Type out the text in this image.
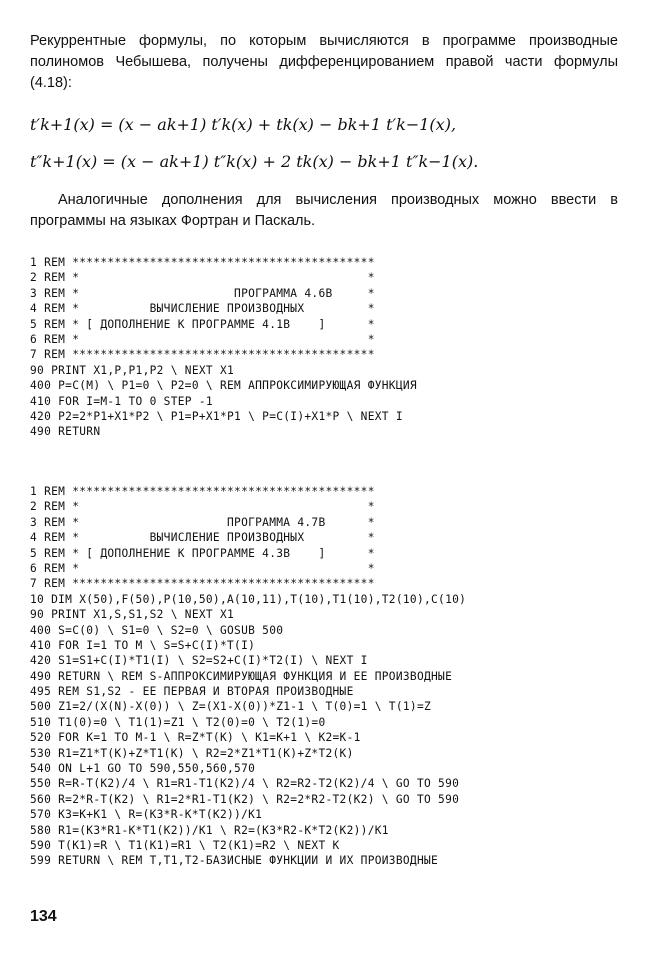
Рекуррентные формулы, по которым вычисляются в программе производные полиномов Чебышева, получены дифференцированием правой части формулы (4.18):
t′k+1(x) = (x − ak+1) t′k(x) + tk(x) − bk+1 t′k−1(x),
t″k+1(x) = (x − ak+1) t″k(x) + 2 tk(x) − bk+1 t″k−1(x).
Аналогичные дополнения для вычисления производных можно ввести в программы на языках Фортран и Паскаль.
1 REM *******************************************
2 REM *                                         *
3 REM *                      ПРОГРАММА 4.6В     *
4 REM *          ВЫЧИСЛЕНИЕ ПРОИЗВОДНЫХ         *
5 REM * [ ДОПОЛНЕНИЕ К ПРОГРАММЕ 4.1В    ]      *
6 REM *                                         *
7 REM *******************************************
90 PRINT X1,P,P1,P2 \ NEXT X1
400 P=C(M) \ P1=0 \ P2=0 \ REM АППРОКСИМИРУЮЩАЯ ФУНКЦИЯ
410 FOR I=M-1 TO 0 STEP -1
420 P2=2*P1+X1*P2 \ P1=P+X1*P1 \ P=C(I)+X1*P \ NEXT I
490 RETURN
1 REM *******************************************
2 REM *                                         *
3 REM *                     ПРОГРАММА 4.7В      *
4 REM *          ВЫЧИСЛЕНИЕ ПРОИЗВОДНЫХ         *
5 REM * [ ДОПОЛНЕНИЕ К ПРОГРАММЕ 4.3В    ]      *
6 REM *                                         *
7 REM *******************************************
10 DIM X(50),F(50),P(10,50),A(10,11),T(10),T1(10),T2(10),C(10)
90 PRINT X1,S,S1,S2 \ NEXT X1
400 S=C(0) \ S1=0 \ S2=0 \ GOSUB 500
410 FOR I=1 TO M \ S=S+C(I)*T(I)
420 S1=S1+C(I)*T1(I) \ S2=S2+C(I)*T2(I) \ NEXT I
490 RETURN \ REM S-АППРОКСИМИРУЮЩАЯ ФУНКЦИЯ И ЕЕ ПРОИЗВОДНЫЕ
495 REM S1,S2 - ЕЕ ПЕРВАЯ И ВТОРАЯ ПРОИЗВОДНЫЕ
500 Z1=2/(X(N)-X(0)) \ Z=(X1-X(0))*Z1-1 \ T(0)=1 \ T(1)=Z
510 T1(0)=0 \ T1(1)=Z1 \ T2(0)=0 \ T2(1)=0
520 FOR K=1 TO M-1 \ R=Z*T(K) \ K1=K+1 \ K2=K-1
530 R1=Z1*T(K)+Z*T1(K) \ R2=2*Z1*T1(K)+Z*T2(K)
540 ON L+1 GO TO 590,550,560,570
550 R=R-T(K2)/4 \ R1=R1-T1(K2)/4 \ R2=R2-T2(K2)/4 \ GO TO 590
560 R=2*R-T(K2) \ R1=2*R1-T1(K2) \ R2=2*R2-T2(K2) \ GO TO 590
570 K3=K+K1 \ R=(K3*R-K*T(K2))/K1
580 R1=(K3*R1-K*T1(K2))/K1 \ R2=(K3*R2-K*T2(K2))/K1
590 T(K1)=R \ T1(K1)=R1 \ T2(K1)=R2 \ NEXT K
599 RETURN \ REM T,T1,T2-БАЗИСНЫЕ ФУНКЦИИ И ИХ ПРОИЗВОДНЫЕ
134
